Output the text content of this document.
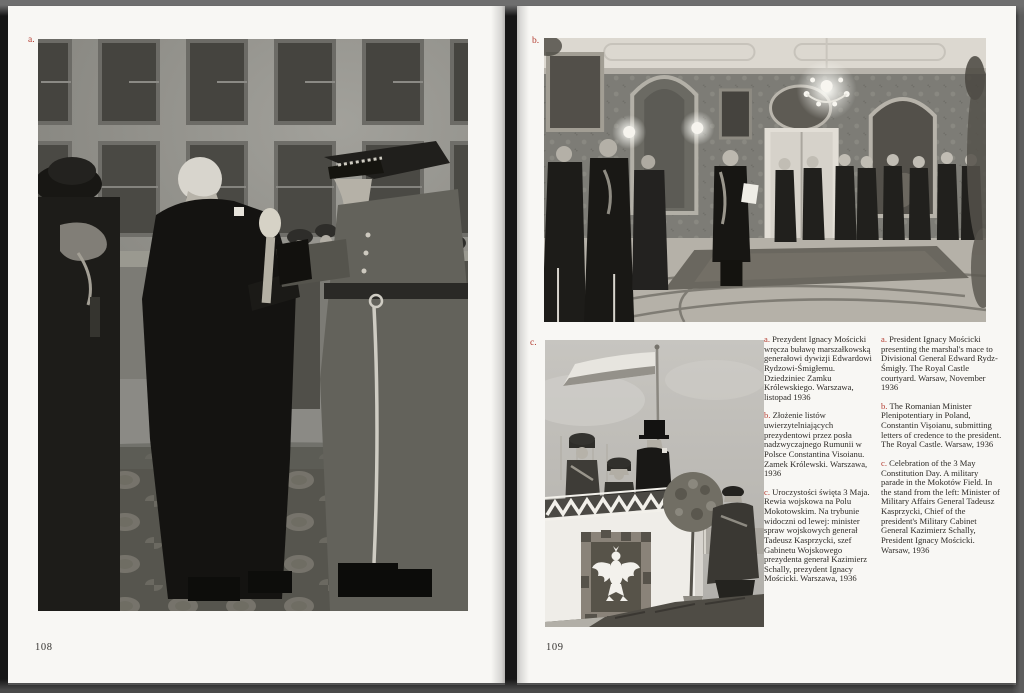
a.
108
b.
c.	a. Prezydent Ignacy Mościcki wręcza buławę marszałkowską generałowi dywizji Edwardowi Rydzowi-Śmigłemu. Dziedziniec Zamku Królewskiego. Warszawa, listopad 1936

b. Złożenie listów uwierzytelniających prezydentowi przez posła nadzwyczajnego Rumunii w Polsce Constantina Visoianu. Zamek Królewski. Warszawa, 1936

c. Uroczystości święta 3 Maja. Rewia wojskowa na Polu Mokotowskim. Na trybunie widoczni od lewej: minister spraw wojskowych generał Tadeusz Kasprzycki, szef Gabinetu Wojskowego prezydenta generał Kazimierz Schally, prezydent Ignacy Mościcki. Warszawa, 1936

a. President Ignacy Mościcki presenting the marshal's mace to Divisional General Edward Rydz-Śmigły. The Royal Castle courtyard. Warsaw, November 1936

b. The Romanian Minister Plenipotentiary in Poland, Constantin Vișoianu, submitting letters of credence to the president. The Royal Castle. Warsaw, 1936

c. Celebration of the 3 May Constitution Day. A military parade in the Mokotów Field. In the stand from the left: Minister of Military Affairs General Tadeusz Kasprzycki, Chief of the president's Military Cabinet General Kazimierz Schally, President Ignacy Mościcki. Warsaw, 1936

109
